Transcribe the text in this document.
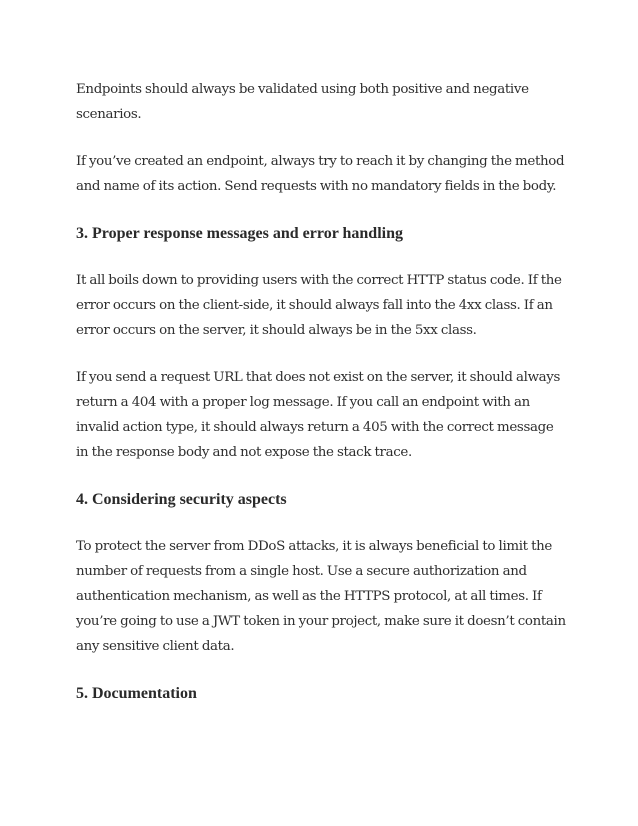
Endpoints should always be validated using both positive and negative scenarios.

If you’ve created an endpoint, always try to reach it by changing the method and name of its action. Send requests with no mandatory fields in the body.

3. Proper response messages and error handling

It all boils down to providing users with the correct HTTP status code. If the error occurs on the client-side, it should always fall into the 4xx class. If an error occurs on the server, it should always be in the 5xx class.

If you send a request URL that does not exist on the server, it should always return a 404 with a proper log message. If you call an endpoint with an invalid action type, it should always return a 405 with the correct message in the response body and not expose the stack trace.

4. Considering security aspects

To protect the server from DDoS attacks, it is always beneficial to limit the number of requests from a single host. Use a secure authorization and authentication mechanism, as well as the HTTPS protocol, at all times. If you’re going to use a JWT token in your project, make sure it doesn’t contain any sensitive client data.

5. Documentation
